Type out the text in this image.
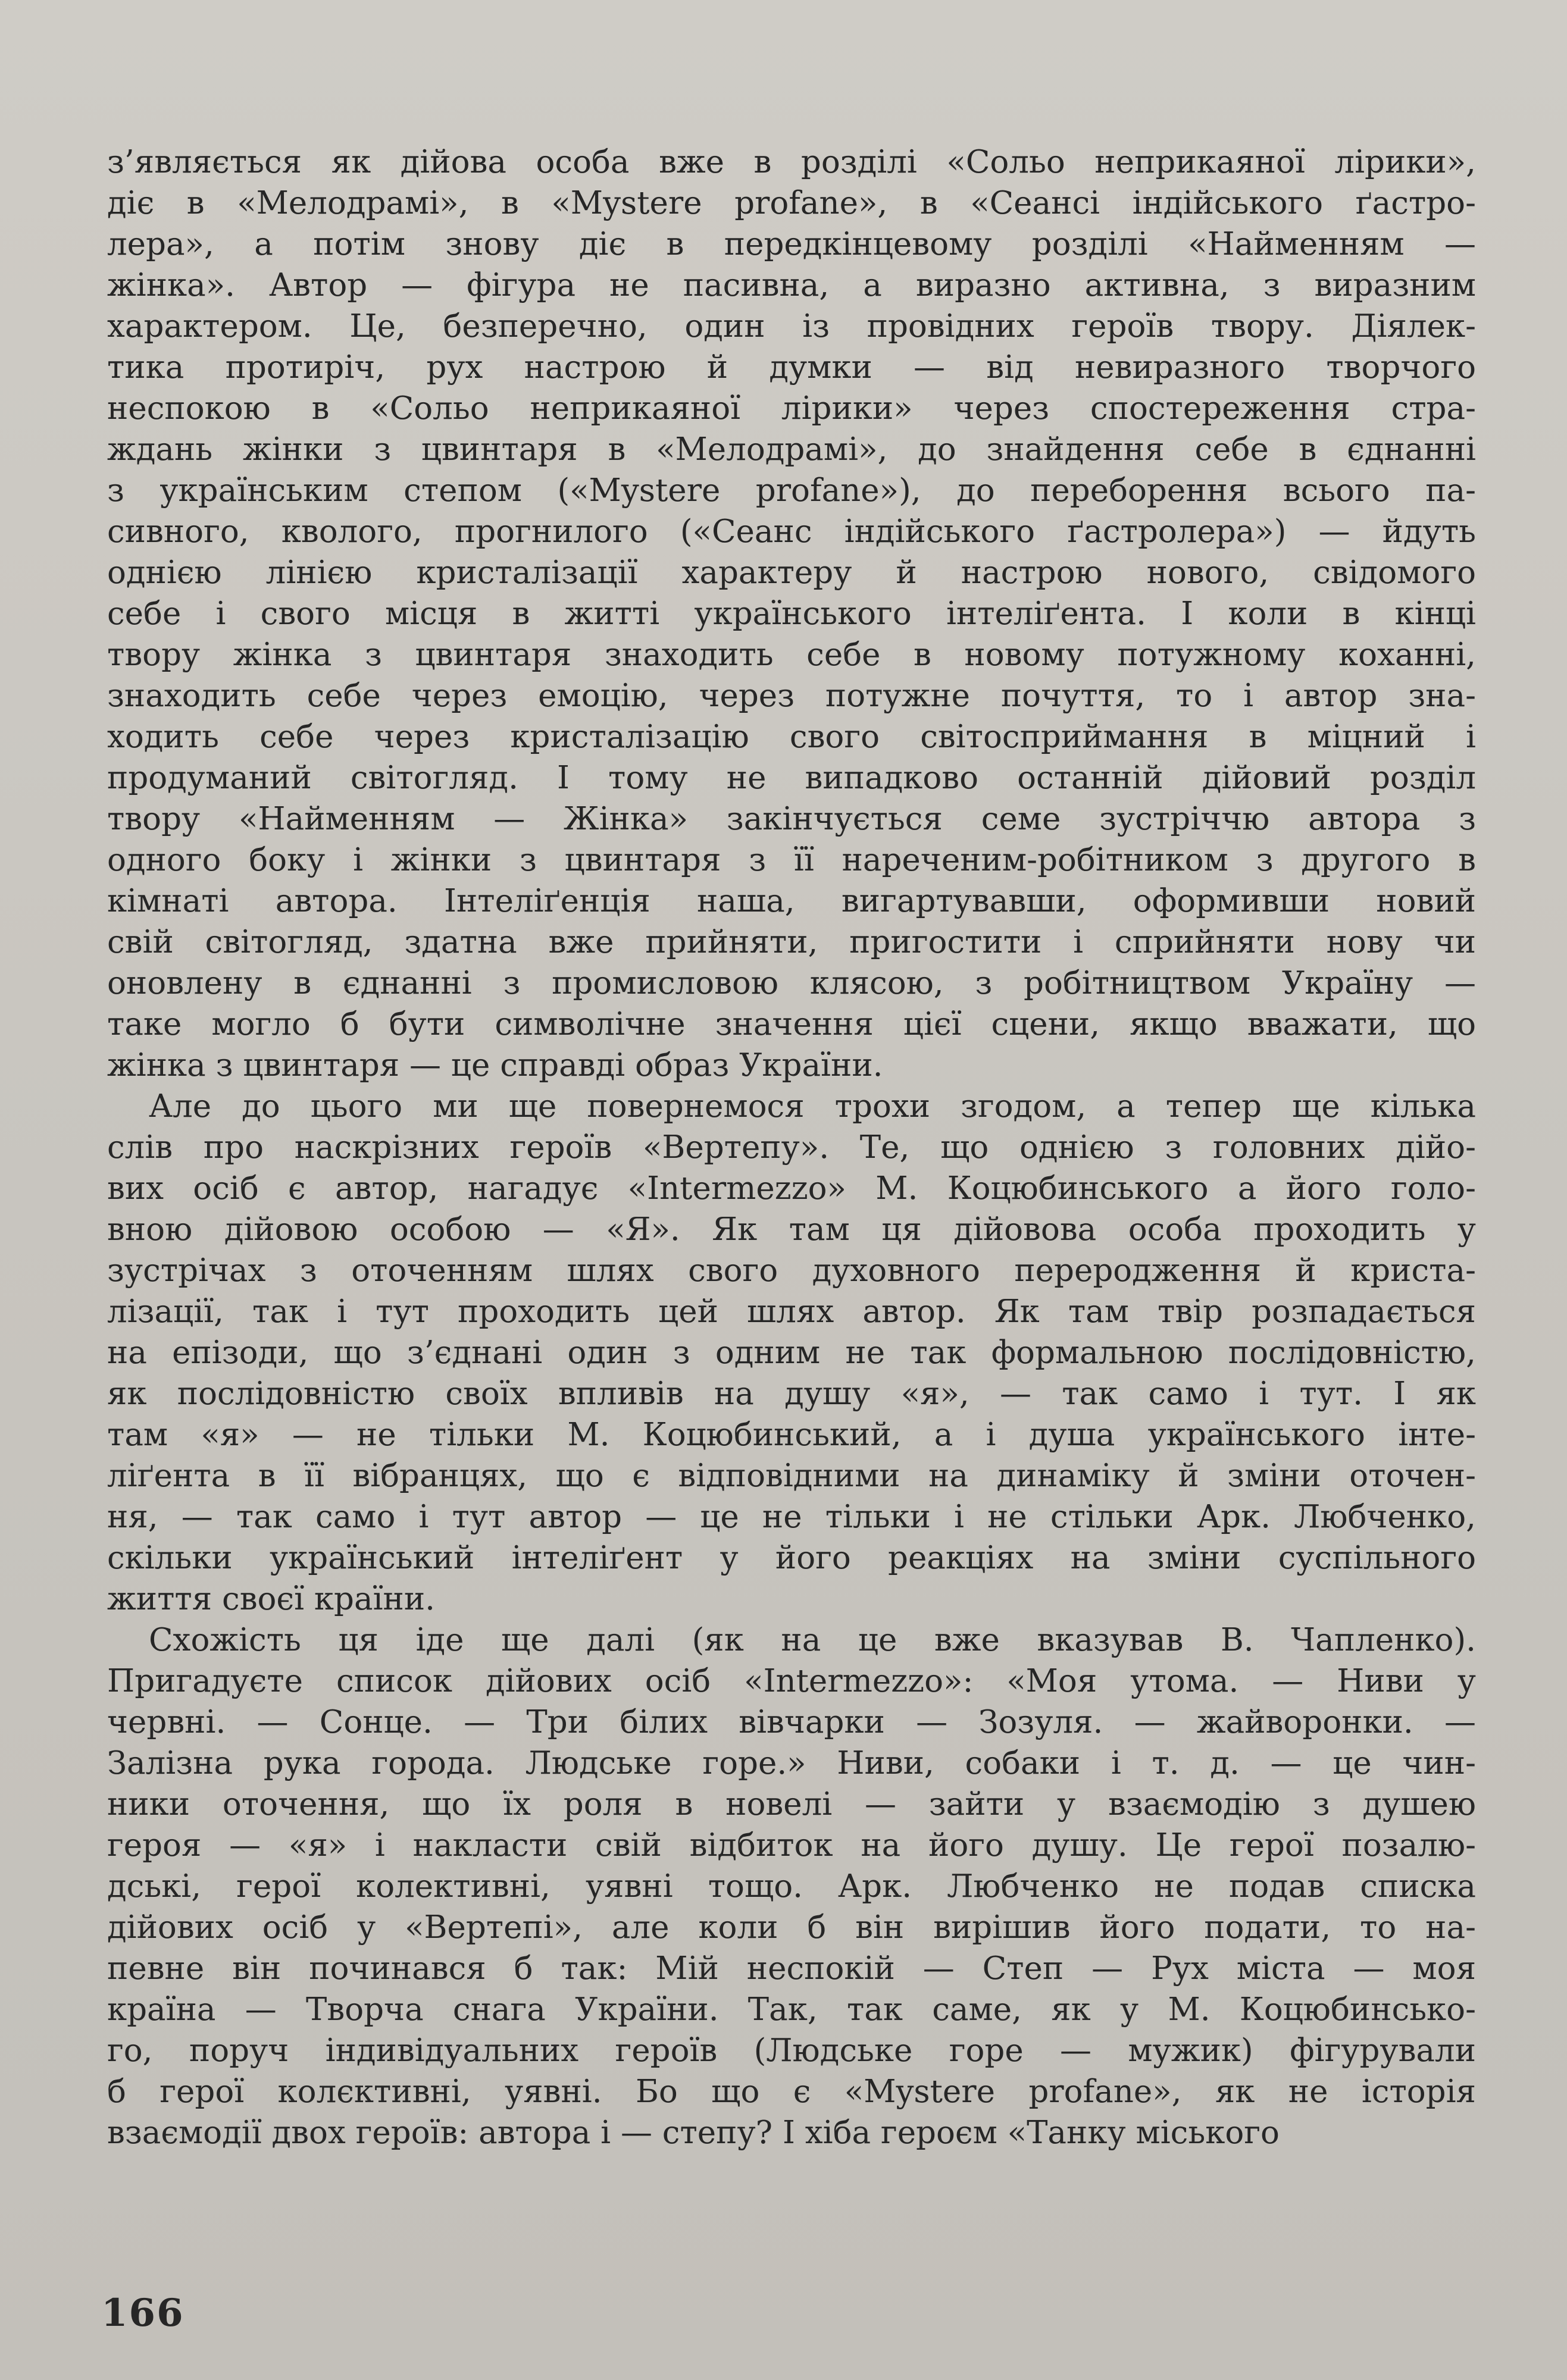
з’являється як дійова особа вже в розділі «Сольо неприкаяної лірики»,
діє в «Мелодрамі», в «Mystere profane», в «Сеансі індійського ґастро-
лера», а потім знову діє в передкінцевому розділі «Найменням —
жінка». Автор — фігура не пасивна, а виразно активна, з виразним
характером. Це, безперечно, один із провідних героїв твору. Діялек-
тика протиріч, рух настрою й думки — від невиразного творчого
неспокою в «Сольо неприкаяної лірики» через спостереження стра-
ждань жінки з цвинтаря в «Мелодрамі», до знайдення себе в єднанні
з українським степом («Mystere profane»), до переборення всього па-
сивного, кволого, прогнилого («Сеанс індійського ґастролера») — йдуть
однією лінією кристалізації характеру й настрою нового, свідомого
себе і свого місця в житті українського інтеліґента. І коли в кінці
твору жінка з цвинтаря знаходить себе в новому потужному коханні,
знаходить себе через емоцію, через потужне почуття, то і автор зна-
ходить себе через кристалізацію свого світосприймання в міцний і
продуманий світогляд. І тому не випадково останній дійовий розділ
твору «Найменням — Жінка» закінчується семе зустріччю автора з
одного боку і жінки з цвинтаря з її нареченим-робітником з другого в
кімнаті автора. Інтеліґенція наша, вигартувавши, оформивши новий
свій світогляд, здатна вже прийняти, пригостити і сприйняти нову чи
оновлену в єднанні з промисловою клясою, з робітництвом Україну —
таке могло б бути символічне значення цієї сцени, якщо вважати, що
жінка з цвинтаря — це справді образ України.
Але до цього ми ще повернемося трохи згодом, а тепер ще кілька
слів про наскрізних героїв «Вертепу». Те, що однією з головних дійо-
вих осіб є автор, нагадує «Intermezzo» М. Коцюбинського а його голо-
вною дійовою особою — «Я». Як там ця дійовова особа проходить у
зустрічах з оточенням шлях свого духовного переродження й криста-
лізації, так і тут проходить цей шлях автор. Як там твір розпадається
на епізоди, що з’єднані один з одним не так формальною послідовністю,
як послідовністю своїх впливів на душу «я», — так само і тут. І як
там «я» — не тільки М. Коцюбинський, а і душа українського інте-
ліґента в її вібранцях, що є відповідними на динаміку й зміни оточен-
ня, — так само і тут автор — це не тільки і не стільки Арк. Любченко,
скільки український інтеліґент у його реакціях на зміни суспільного
життя своєї країни.
Схожість ця іде ще далі (як на це вже вказував В. Чапленко).
Пригадуєте список дійових осіб «Intermezzo»: «Моя утома. — Ниви у
червні. — Сонце. — Три білих вівчарки — Зозуля. — жайворонки. —
Залізна рука города. Людське горе.» Ниви, собаки і т. д. — це чин-
ники оточення, що їх роля в новелі — зайти у взаємодію з душею
героя — «я» і накласти свій відбиток на його душу. Це герої позалю-
дські, герої колективні, уявні тощо. Арк. Любченко не подав списка
дійових осіб у «Вертепі», але коли б він вирішив його подати, то на-
певне він починався б так: Мій неспокій — Степ — Рух міста — моя
країна — Творча снага України. Так, так саме, як у М. Коцюбинсько-
го, поруч індивідуальних героїв (Людське горе — мужик) фігурували
б герої колєктивні, уявні. Бо що є «Mystere profane», як не історія
взаємодії двох героїв: автора і — степу? І хіба героєм «Танку міського
166
